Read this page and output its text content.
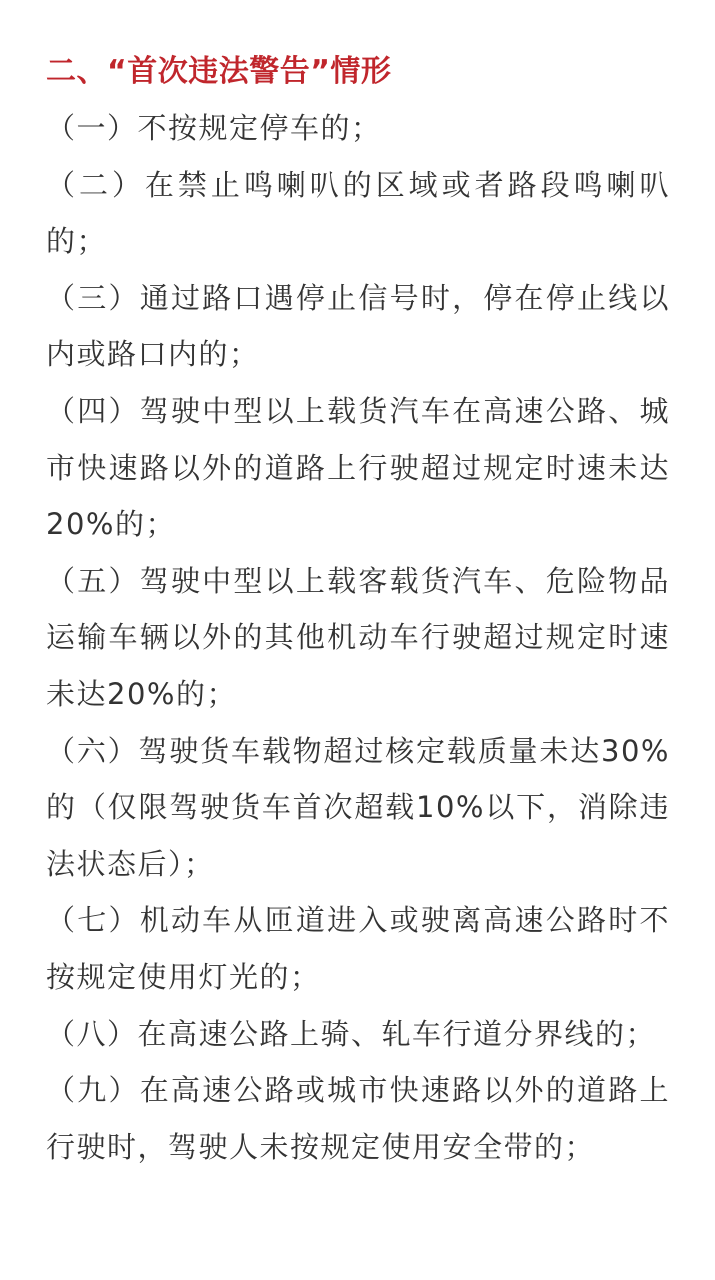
二、“首次违法警告”情形

（一）不按规定停车的；

（二）在禁止鸣喇叭的区域或者路段鸣喇叭的；

（三）通过路口遇停止信号时，停在停止线以内或路口内的；

（四）驾驶中型以上载货汽车在高速公路、城市快速路以外的道路上行驶超过规定时速未达20%的；

（五）驾驶中型以上载客载货汽车、危险物品运输车辆以外的其他机动车行驶超过规定时速未达20%的；

（六）驾驶货车载物超过核定载质量未达30%的（仅限驾驶货车首次超载10%以下，消除违法状态后）；

（七）机动车从匝道进入或驶离高速公路时不按规定使用灯光的；

（八）在高速公路上骑、轧车行道分界线的；

（九）在高速公路或城市快速路以外的道路上行驶时，驾驶人未按规定使用安全带的；
